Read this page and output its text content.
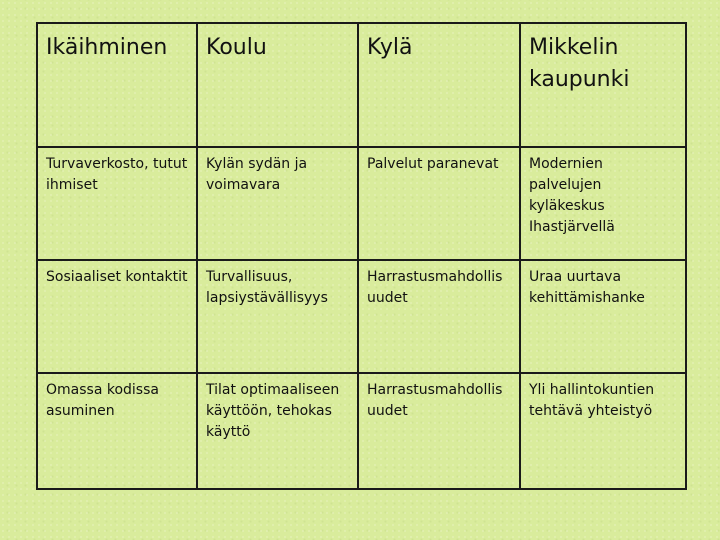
Ikäihminen	Koulu	Kylä	Mikkelin kaupunki
Turvaverkosto, tutut ihmiset	Kylän sydän ja voimavara	Palvelut paranevat	Modernien palvelujen kyläkeskus Ihastjärvellä
Sosiaaliset kontaktit	Turvallisuus, lapsiystävällisyys	Harrastusmahdollis uudet	Uraa uurtava kehittämishanke
Omassa kodissa asuminen	Tilat optimaaliseen käyttöön, tehokas käyttö	Harrastusmahdollis uudet	Yli hallintokuntien tehtävä yhteistyö
